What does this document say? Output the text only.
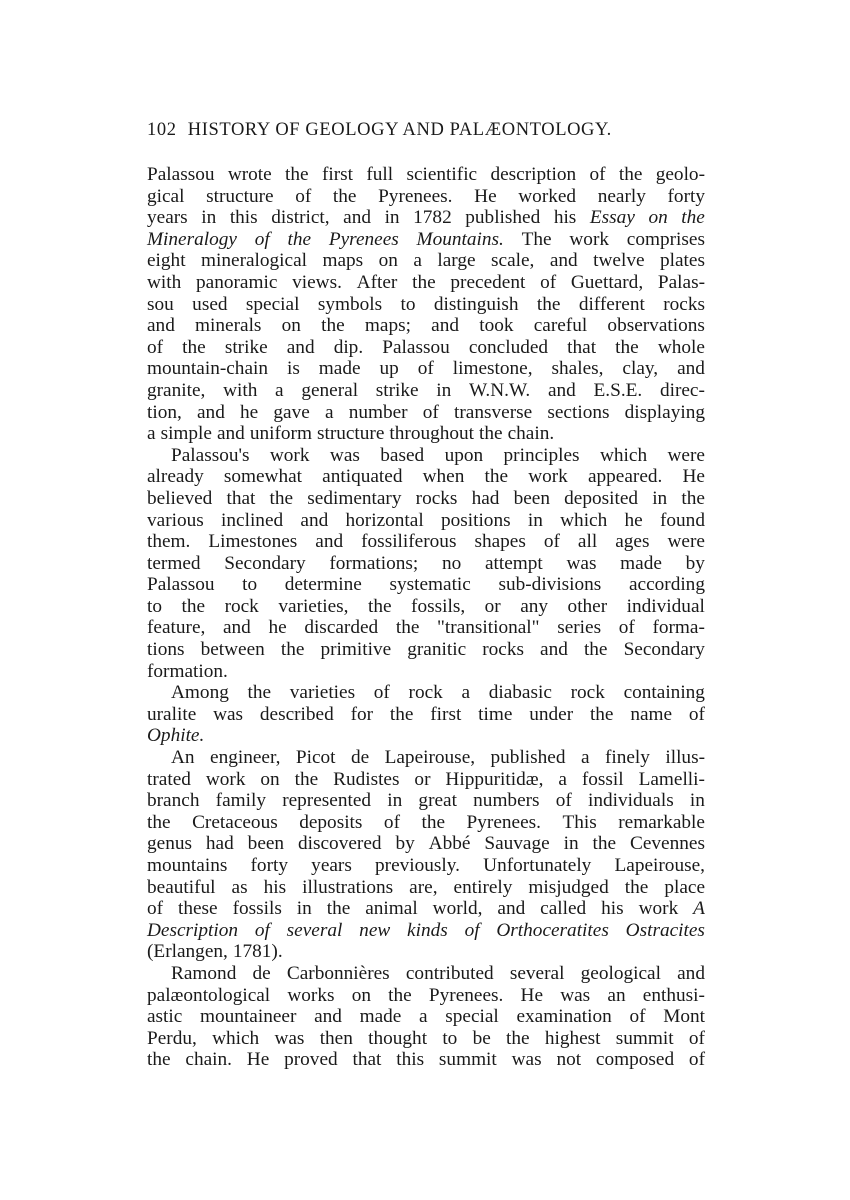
102 HISTORY OF GEOLOGY AND PALÆONTOLOGY.
Palassou wrote the first full scientific description of the geolo-
gical structure of the Pyrenees. He worked nearly forty
years in this district, and in 1782 published his Essay on the
Mineralogy of the Pyrenees Mountains. The work comprises
eight mineralogical maps on a large scale, and twelve plates
with panoramic views. After the precedent of Guettard, Palas-
sou used special symbols to distinguish the different rocks
and minerals on the maps; and took careful observations
of the strike and dip. Palassou concluded that the whole
mountain-chain is made up of limestone, shales, clay, and
granite, with a general strike in W.N.W. and E.S.E. direc-
tion, and he gave a number of transverse sections displaying
a simple and uniform structure throughout the chain.
Palassou's work was based upon principles which were
already somewhat antiquated when the work appeared. He
believed that the sedimentary rocks had been deposited in the
various inclined and horizontal positions in which he found
them. Limestones and fossiliferous shapes of all ages were
termed Secondary formations; no attempt was made by
Palassou to determine systematic sub-divisions according
to the rock varieties, the fossils, or any other individual
feature, and he discarded the "transitional" series of forma-
tions between the primitive granitic rocks and the Secondary
formation.
Among the varieties of rock a diabasic rock containing
uralite was described for the first time under the name of
Ophite.
An engineer, Picot de Lapeirouse, published a finely illus-
trated work on the Rudistes or Hippuritidæ, a fossil Lamelli-
branch family represented in great numbers of individuals in
the Cretaceous deposits of the Pyrenees. This remarkable
genus had been discovered by Abbé Sauvage in the Cevennes
mountains forty years previously. Unfortunately Lapeirouse,
beautiful as his illustrations are, entirely misjudged the place
of these fossils in the animal world, and called his work A
Description of several new kinds of Orthoceratites Ostracites
(Erlangen, 1781).
Ramond de Carbonnières contributed several geological and
palæontological works on the Pyrenees. He was an enthusi-
astic mountaineer and made a special examination of Mont
Perdu, which was then thought to be the highest summit of
the chain. He proved that this summit was not composed of
